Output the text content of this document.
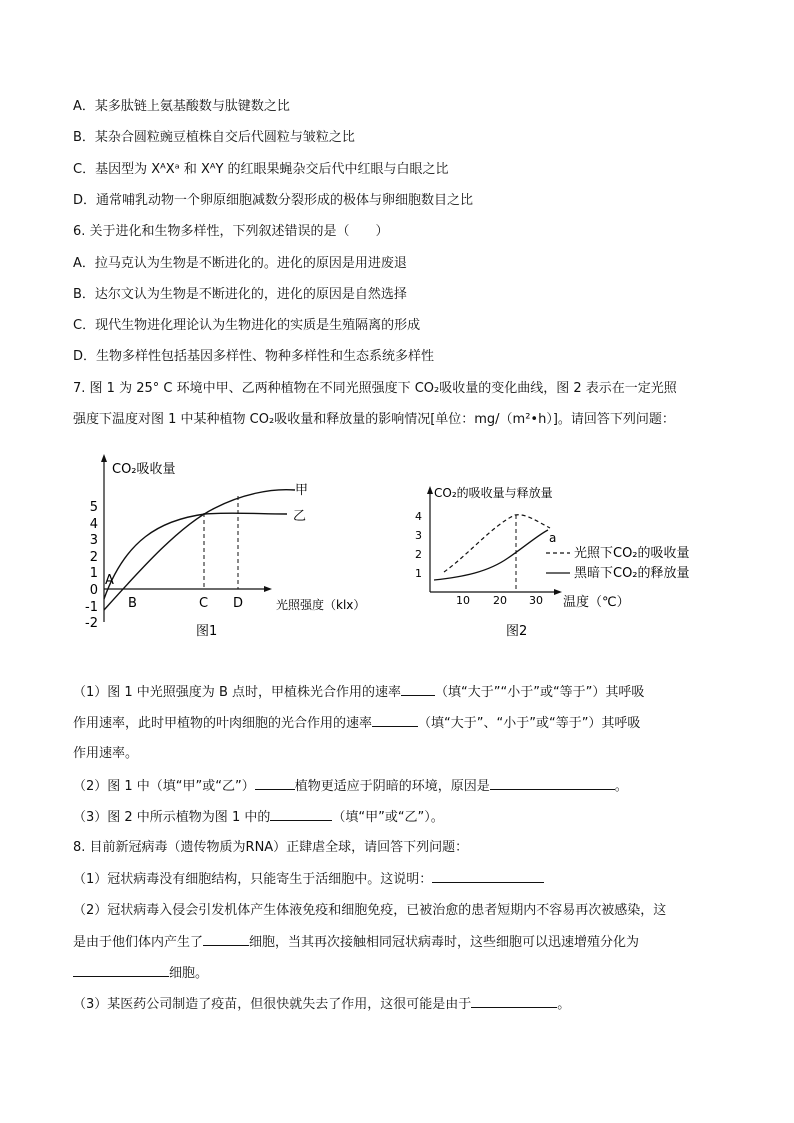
A．某多肽链上氨基酸数与肽键数之比
B．某杂合圆粒豌豆植株自交后代圆粒与皱粒之比
C．基因型为 XᴬXᵃ 和 XᴬY 的红眼果蝇杂交后代中红眼与白眼之比
D．通常哺乳动物一个卵原细胞减数分裂形成的极体与卵细胞数目之比
6. 关于进化和生物多样性，下列叙述错误的是（　　）
A．拉马克认为生物是不断进化的。进化的原因是用进废退
B．达尔文认为生物是不断进化的，进化的原因是自然选择
C．现代生物进化理论认为生物进化的实质是生殖隔离的形成
D．生物多样性包括基因多样性、物种多样性和生态系统多样性
7. 图 1 为 25° C 环境中甲、乙两种植物在不同光照强度下 CO₂吸收量的变化曲线，图 2 表示在一定光照
强度下温度对图 1 中某种植物 CO₂吸收量和释放量的影响情况[单位：mg/（m²•h）]。请回答下列问题：
CO₂吸收量
5
4
3
2
1
0
-1
-2
甲
乙
A
B	C D	光照强度（klx）
图1
CO₂的吸收量与释放量
4
3
2
1
10 20 30
a
光照下CO₂的吸收量
黑暗下CO₂的释放量
温度（℃）
图2
（1）图 1 中光照强度为 B 点时，甲植株光合作用的速率	（填“大于”“小于”或“等于”）其呼吸
作用速率，此时甲植物的叶肉细胞的光合作用的速率	（填“大于”、“小于”或“等于”）其呼吸
作用速率。
（2）图 1 中（填“甲”或“乙”）	植物更适应于阴暗的环境，原因是	。
（3）图 2 中所示植物为图 1 中的	（填“甲”或“乙”）。
8. 目前新冠病毒（遗传物质为RNA）正肆虐全球，请回答下列问题：
（1）冠状病毒没有细胞结构，只能寄生于活细胞中。这说明：
（2）冠状病毒入侵会引发机体产生体液免疫和细胞免疫，已被治愈的患者短期内不容易再次被感染，这
是由于他们体内产生了	细胞，当其再次接触相同冠状病毒时，这些细胞可以迅速增殖分化为
细胞。
（3）某医药公司制造了疫苗，但很快就失去了作用，这很可能是由于	。
